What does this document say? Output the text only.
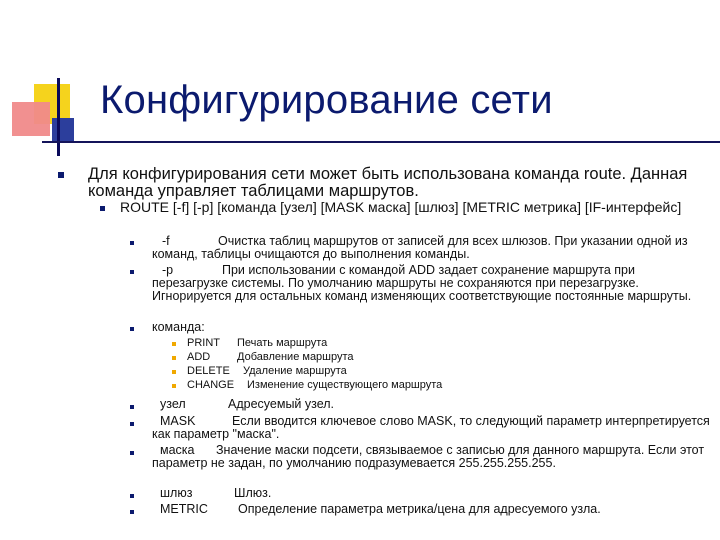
Конфигурирование сети
Для конфигурирования сети может быть использована команда route. Данная команда управляет таблицами маршрутов.
ROUTE [-f] [-p] [команда [узел] [MASK маска] [шлюз] [METRIC метрика] [IF-интерфейс]
-f	Очистка таблиц маршрутов от записей для всех шлюзов. При указании одной из команд, таблицы очищаются до выполнения команды.
-p	При использовании с командой ADD задает сохранение маршрута при перезагрузке системы. По умолчанию маршруты не сохраняются при перезагрузке. Игнорируется для остальных команд изменяющих соответствующие постоянные маршруты.
команда:
PRINT Печать маршрута
ADD Добавление маршрута
DELETE Удаление маршрута
CHANGE Изменение существующего маршрута
узел	Адресуемый узел.
MASK	Если вводится ключевое слово MASK, то следующий параметр интерпретируется как параметр "маска".
маска Значение маски подсети, связываемое с записью для данного маршрута. Если этот параметр не задан, по умолчанию подразумевается 255.255.255.255.
шлюз	Шлюз.
METRIC Определение параметра метрика/цена для адресуемого узла.
